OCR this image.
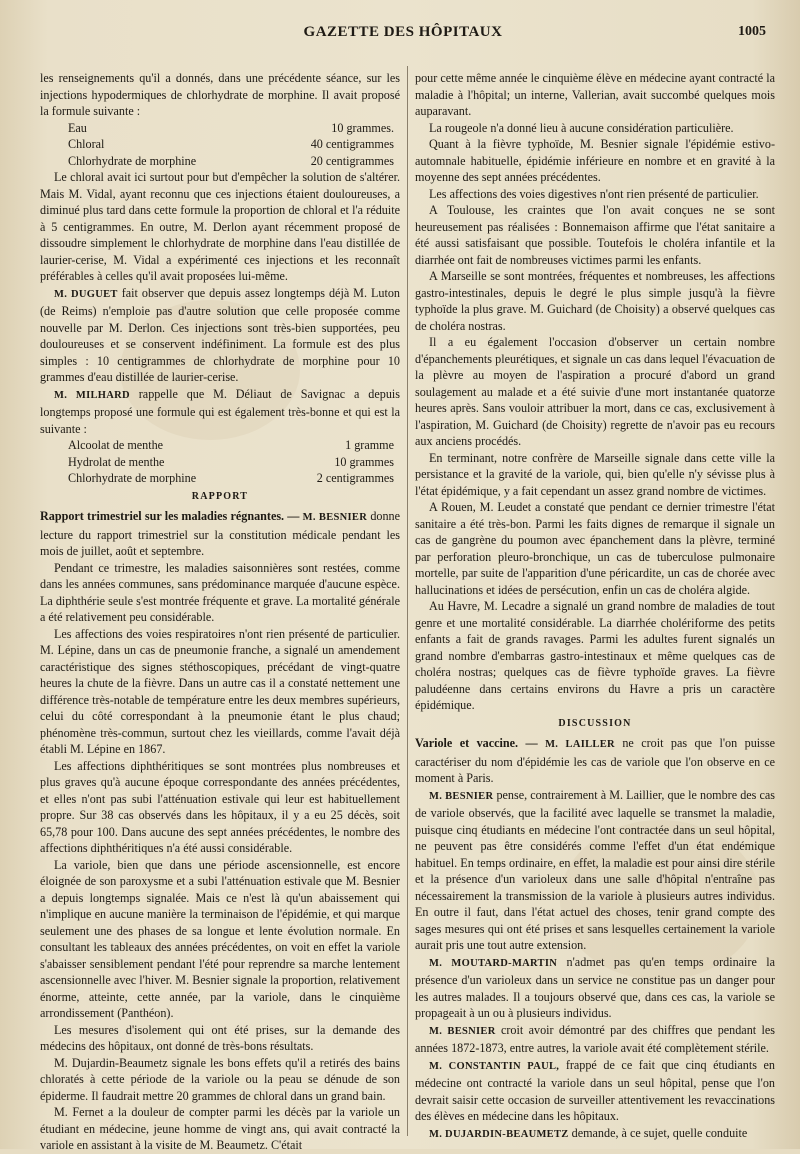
GAZETTE DES HÔPITAUX	1005

les renseignements qu'il a donnés, dans une précédente séance, sur les injections hypodermiques de chlorhydrate de morphine. Il avait proposé la formule suivante :

Eau	10 grammes.
Chloral	40 centigrammes
Chlorhydrate de morphine	20 centigrammes

Le chloral avait ici surtout pour but d'empêcher la solution de s'altérer. Mais M. Vidal, ayant reconnu que ces injections étaient douloureuses, a diminué plus tard dans cette formule la proportion de chloral et l'a réduite à 5 centigrammes. En outre, M. Derlon ayant récemment proposé de dissoudre simplement le chlorhydrate de morphine dans l'eau distillée de laurier-cerise, M. Vidal a expérimenté ces injections et les reconnaît préférables à celles qu'il avait proposées lui-même.

M. DUGUET fait observer que depuis assez longtemps déjà M. Luton (de Reims) n'emploie pas d'autre solution que celle proposée comme nouvelle par M. Derlon. Ces injections sont très-bien supportées, peu douloureuses et se conservent indéfiniment. La formule est des plus simples : 10 centigrammes de chlorhydrate de morphine pour 10 grammes d'eau distillée de laurier-cerise.

M. MILHARD rappelle que M. Déliaut de Savignac a depuis longtemps proposé une formule qui est également très-bonne et qui est la suivante :

Alcoolat de menthe	1 gramme
Hydrolat de menthe	10 grammes
Chlorhydrate de morphine	2 centigrammes
RAPPORT

Rapport trimestriel sur les maladies régnantes. — M. BESNIER donne lecture du rapport trimestriel sur la constitution médicale pendant les mois de juillet, août et septembre.

Pendant ce trimestre, les maladies saisonnières sont restées, comme dans les années communes, sans prédominance marquée d'aucune espèce. La diphthérie seule s'est montrée fréquente et grave. La mortalité générale a été relativement peu considérable.

Les affections des voies respiratoires n'ont rien présenté de particulier. M. Lépine, dans un cas de pneumonie franche, a signalé un amendement caractéristique des signes stéthoscopiques, précédant de vingt-quatre heures la chute de la fièvre. Dans un autre cas il a constaté nettement une différence très-notable de température entre les deux membres supérieurs, celui du côté correspondant à la pneumonie étant le plus chaud; phénomène très-commun, surtout chez les vieillards, comme l'avait déjà établi M. Lépine en 1867.

Les affections diphthéritiques se sont montrées plus nombreuses et plus graves qu'à aucune époque correspondante des années précédentes, et elles n'ont pas subi l'atténuation estivale qui leur est habituellement propre. Sur 38 cas observés dans les hôpitaux, il y a eu 25 décès, soit 65,78 pour 100. Dans aucune des sept années précédentes, le nombre des affections diphthéritiques n'a été aussi considérable.

La variole, bien que dans une période ascensionnelle, est encore éloignée de son paroxysme et a subi l'atténuation estivale que M. Besnier a depuis longtemps signalée. Mais ce n'est là qu'un abaissement qui n'implique en aucune manière la terminaison de l'épidémie, et qui marque seulement une des phases de sa longue et lente évolution normale. En consultant les tableaux des années précédentes, on voit en effet la variole s'abaisser sensiblement pendant l'été pour reprendre sa marche lentement ascensionnelle avec l'hiver. M. Besnier signale la proportion, relativement énorme, atteinte, cette année, par la variole, dans le cinquième arrondissement (Panthéon).

Les mesures d'isolement qui ont été prises, sur la demande des médecins des hôpitaux, ont donné de très-bons résultats.

M. Dujardin-Beaumetz signale les bons effets qu'il a retirés des bains chloratés à cette période de la variole ou la peau se dénude de son épiderme. Il faudrait mettre 20 grammes de chloral dans un grand bain.

M. Fernet a la douleur de compter parmi les décès par la variole un étudiant en médecine, jeune homme de vingt ans, qui avait contracté la variole en assistant à la visite de M. Beaumetz. C'était

pour cette même année le cinquième élève en médecine ayant contracté la maladie à l'hôpital; un interne, Vallerian, avait succombé quelques mois auparavant.

La rougeole n'a donné lieu à aucune considération particulière.

Quant à la fièvre typhoïde, M. Besnier signale l'épidémie estivo-automnale habituelle, épidémie inférieure en nombre et en gravité à la moyenne des sept années précédentes.

Les affections des voies digestives n'ont rien présenté de particulier.

A Toulouse, les craintes que l'on avait conçues ne se sont heureusement pas réalisées : Bonnemaison affirme que l'état sanitaire a été aussi satisfaisant que possible. Toutefois le choléra infantile et la diarrhée ont fait de nombreuses victimes parmi les enfants.

A Marseille se sont montrées, fréquentes et nombreuses, les affections gastro-intestinales, depuis le degré le plus simple jusqu'à la fièvre typhoïde la plus grave. M. Guichard (de Choisity) a observé quelques cas de choléra nostras.

Il a eu également l'occasion d'observer un certain nombre d'épanchements pleurétiques, et signale un cas dans lequel l'évacuation de la plèvre au moyen de l'aspiration a procuré d'abord un grand soulagement au malade et a été suivie d'une mort instantanée quatorze heures après. Sans vouloir attribuer la mort, dans ce cas, exclusivement à l'aspiration, M. Guichard (de Choisity) regrette de n'avoir pas eu recours aux anciens procédés.

En terminant, notre confrère de Marseille signale dans cette ville la persistance et la gravité de la variole, qui, bien qu'elle n'y sévisse plus à l'état épidémique, y a fait cependant un assez grand nombre de victimes.

A Rouen, M. Leudet a constaté que pendant ce dernier trimestre l'état sanitaire a été très-bon. Parmi les faits dignes de remarque il signale un cas de gangrène du poumon avec épanchement dans la plèvre, terminé par perforation pleuro-bronchique, un cas de tuberculose pulmonaire mortelle, par suite de l'apparition d'une péricardite, un cas de chorée avec hallucinations et idées de persécution, enfin un cas de choléra algide.

Au Havre, M. Lecadre a signalé un grand nombre de maladies de tout genre et une mortalité considérable. La diarrhée cholériforme des petits enfants a fait de grands ravages. Parmi les adultes furent signalés un grand nombre d'embarras gastro-intestinaux et même quelques cas de choléra nostras; quelques cas de fièvre typhoïde graves. La fièvre paludéenne dans certains environs du Havre a pris un caractère épidémique.

DISCUSSION

Variole et vaccine. — M. LAILLER ne croit pas que l'on puisse caractériser du nom d'épidémie les cas de variole que l'on observe en ce moment à Paris.

M. BESNIER pense, contrairement à M. Laillier, que le nombre des cas de variole observés, que la facilité avec laquelle se transmet la maladie, puisque cinq étudiants en médecine l'ont contractée dans un seul hôpital, ne peuvent pas être considérés comme l'effet d'un état endémique habituel. En temps ordinaire, en effet, la maladie est pour ainsi dire stérile et la présence d'un varioleux dans une salle d'hôpital n'entraîne pas nécessairement la transmission de la variole à plusieurs autres individus. En outre il faut, dans l'état actuel des choses, tenir grand compte des sages mesures qui ont été prises et sans lesquelles certainement la variole aurait pris une tout autre extension.

M. MOUTARD-MARTIN n'admet pas qu'en temps ordinaire la présence d'un varioleux dans un service ne constitue pas un danger pour les autres malades. Il a toujours observé que, dans ces cas, la variole se propageait à un ou à plusieurs individus.

M. BESNIER croit avoir démontré par des chiffres que pendant les années 1872-1873, entre autres, la variole avait été complètement stérile.

M. CONSTANTIN PAUL, frappé de ce fait que cinq étudiants en médecine ont contracté la variole dans un seul hôpital, pense que l'on devrait saisir cette occasion de surveiller attentivement les revaccinations des élèves en médecine dans les hôpitaux.

M. DUJARDIN-BEAUMETZ demande, à ce sujet, quelle conduite
